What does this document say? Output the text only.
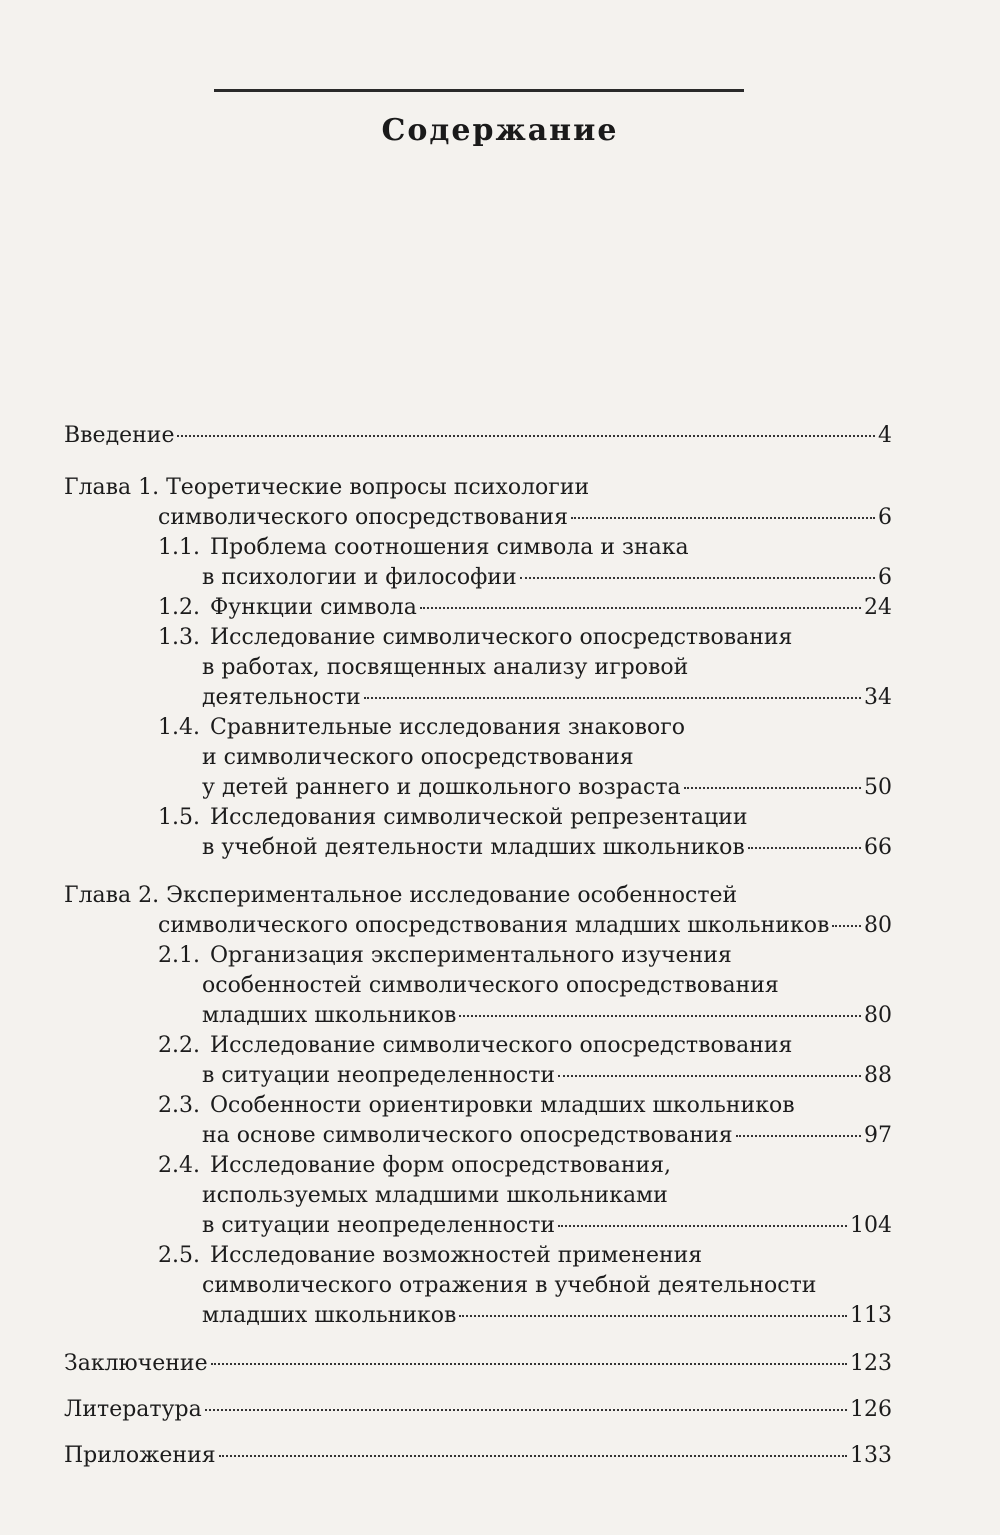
Содержание
Введение	4
Глава 1. Теоретические вопросы психологии
символического опосредствования	6
1.1. Проблема соотношения символа и знака
в психологии и философии	6
1.2. Функции символа	24
1.3. Исследование символического опосредствования
в работах, посвященных анализу игровой
деятельности	34
1.4. Сравнительные исследования знакового
и символического опосредствования
у детей раннего и дошкольного возраста	50
1.5. Исследования символической репрезентации
в учебной деятельности младших школьников	66
Глава 2. Экспериментальное исследование особенностей
символического опосредствования младших школьников 80
2.1. Организация экспериментального изучения
особенностей символического опосредствования
младших школьников	80
2.2. Исследование символического опосредствования
в ситуации неопределенности	88
2.3. Особенности ориентировки младших школьников
на основе символического опосредствования	97
2.4. Исследование форм опосредствования,
используемых младшими школьниками
в ситуации неопределенности	104
2.5. Исследование возможностей применения
символического отражения в учебной деятельности
младших школьников	113
Заключение	123
Литература	126
Приложения	133
